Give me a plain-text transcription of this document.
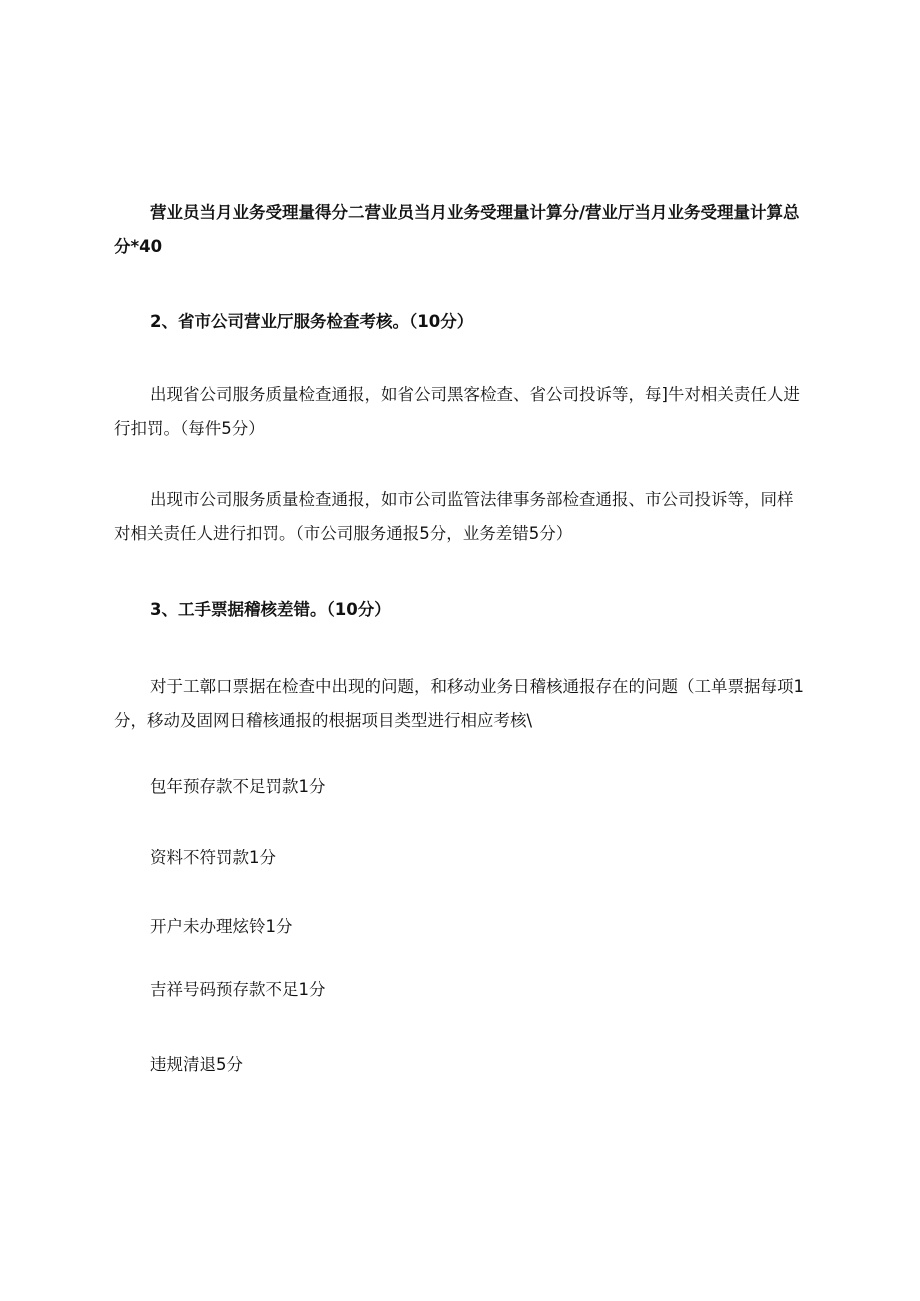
营业员当月业务受理量得分二营业员当月业务受理量计算分/营业厅当月业务受理量计算总分*40

2、省市公司营业厅服务检查考核。（10分）

出现省公司服务质量检查通报，如省公司黑客检查、省公司投诉等，每]牛对相关责任人进行扣罚。（每件5分）

出现市公司服务质量检查通报，如市公司监管法律事务部检查通报、市公司投诉等，同样对相关责任人进行扣罚。（市公司服务通报5分，业务差错5分）

3、工手票据稽核差错。（10分）

对于工鄣口票据在检查中出现的问题，和移动业务日稽核通报存在的问题（工单票据每项1分，移动及固网日稽核通报的根据项目类型进行相应考核\

包年预存款不足罚款1分

资料不符罚款1分

开户未办理炫铃1分

吉祥号码预存款不足1分

违规清退5分
